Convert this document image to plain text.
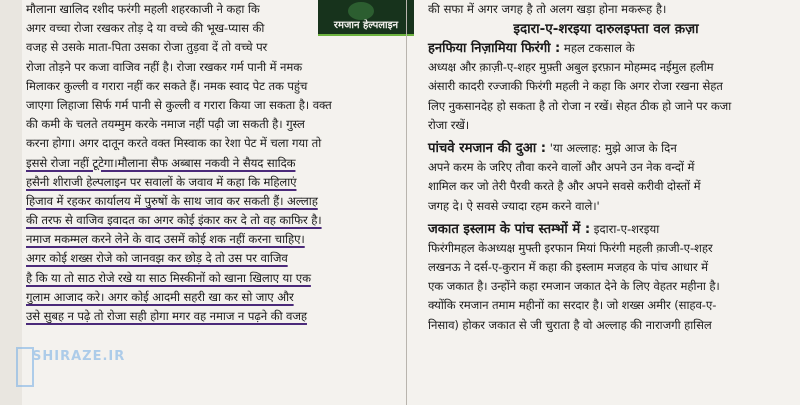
मौलाना खालिद रशीद फरंगी महली शहरकाजी ने कहा कि
अगर वच्चा रोजा रखकर तोड़ दे या वच्चे की भूख-प्यास की
वजह से उसके माता-पिता उसका रोजा तुड़वा दें तो वच्चे पर
रोजा तोड़ने पर कजा वाजिव नहीं है। रोजा रखकर गर्म पानी में नमक
मिलाकर कुल्ली व गरारा नहीं कर सकते हैं। नमक स्वाद पेट तक पहुंच
जाएगा लिहाजा सिर्फ गर्म पानी से कुल्ली व गरारा किया जा सकता है। वक्त
की कमी के चलते तयम्मुम करके नमाज नहीं पढ़ी जा सकती है। गुस्ल
करना होगा। अगर दातून करते वक्त मिस्वाक का रेशा पेट में चला गया तो
इससे रोजा नहीं टूटेगा।मौलाना सैफ अब्बास नकवी ने सैयद सादिक
हसैनी शीराजी हेल्पलाइन पर सवालों के जवाव में कहा कि महिलाएं
हिजाव में रहकर कार्यालय में पुरुषों के साथ जाव कर सकती हैं। अल्लाह
की तरफ से वाजिव इवादत का अगर कोई इंकार कर दे तो वह काफिर है।
नमाज मकम्मल करने लेने के वाद उसमें कोई शक नहीं करना चाहिए।
अगर कोई शख्स रोजे को जानवझ कर छोड़ दे तो उस पर वाजिव
है कि या तो साठ रोजे रखे या साठ मिस्कीनों को खाना खिलाए या एक
गुलाम आजाद करे। अगर कोई आदमी सहरी खा कर सो जाए और
उसे सुबह न पढ़े तो रोजा सही होगा मगर वह नमाज न पढ़ने की वजह
SHIRAZE.IR
रमजान हेल्पलाइन
की सफा में अगर जगह है तो अलग खड़ा होना मकरूह है।
इदारा-ए-शरइया दारुलइफ्ता वल क़ज़ा
हनफिया निज़ामिया फिरंगी : महल टकसाल के
अध्यक्ष और क़ाज़ी-ए-शहर मुफ़्ती अबुल इरफ़ान मोहम्मद नईमुल हलीम
अंसारी कादरी रज्जाकी फिरंगी महली ने कहा कि अगर रोजा रखना सेहत
लिए नुकसानदेह हो सकता है तो रोजा न रखें। सेहत ठीक हो जाने पर कजा
रोजा रखें।
पांचवे रमजान की दुआ : 'या अल्लाह: मुझे आज के दिन
अपने करम के जरिए तौवा करने वालों और अपने उन नेक वन्दों में
शामिल कर जो तेरी पैरवी करते है और अपने सवसे करीवी दोस्तों में
जगह दे। ऐ सवसे ज्यादा रहम करने वाले।'
जकात इस्लाम के पांच स्तम्भों में : इदारा-ए-शरइया
फिरंगीमहल केअध्यक्ष मुफ्ती इरफान मियां फिरंगी महली क़ाजी-ए-शहर
लखनऊ ने दर्स-ए-कुरान में कहा की इस्लाम मजहव के पांच आधार में
एक जकात है। उन्होंने कहा रमजान जकात देने के लिए वेहतर महीना है।
क्योंकि रमजान तमाम महीनों का सरदार है। जो शख्स अमीर (साहव-ए-
निसाव) होकर जकात से जी चुराता है वो अल्लाह की नाराजगी हासिल
